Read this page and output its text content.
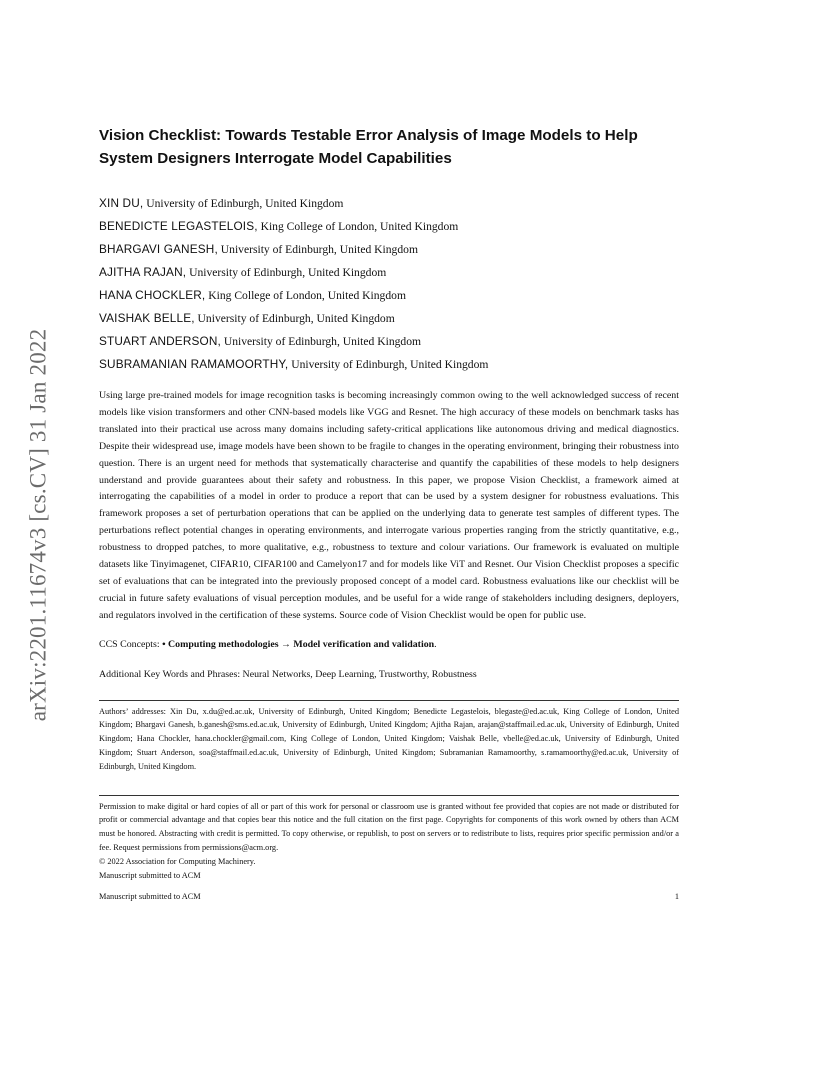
arXiv:2201.11674v3 [cs.CV] 31 Jan 2022
Vision Checklist: Towards Testable Error Analysis of Image Models to Help System Designers Interrogate Model Capabilities
XIN DU, University of Edinburgh, United Kingdom
BENEDICTE LEGASTELOIS, King College of London, United Kingdom
BHARGAVI GANESH, University of Edinburgh, United Kingdom
AJITHA RAJAN, University of Edinburgh, United Kingdom
HANA CHOCKLER, King College of London, United Kingdom
VAISHAK BELLE, University of Edinburgh, United Kingdom
STUART ANDERSON, University of Edinburgh, United Kingdom
SUBRAMANIAN RAMAMOORTHY, University of Edinburgh, United Kingdom

Using large pre-trained models for image recognition tasks is becoming increasingly common owing to the well acknowledged success of recent models like vision transformers and other CNN-based models like VGG and Resnet. The high accuracy of these models on benchmark tasks has translated into their practical use across many domains including safety-critical applications like autonomous driving and medical diagnostics. Despite their widespread use, image models have been shown to be fragile to changes in the operating environment, bringing their robustness into question. There is an urgent need for methods that systematically characterise and quantify the capabilities of these models to help designers understand and provide guarantees about their safety and robustness. In this paper, we propose Vision Checklist, a framework aimed at interrogating the capabilities of a model in order to produce a report that can be used by a system designer for robustness evaluations. This framework proposes a set of perturbation operations that can be applied on the underlying data to generate test samples of different types. The perturbations reflect potential changes in operating environments, and interrogate various properties ranging from the strictly quantitative, e.g., robustness to dropped patches, to more qualitative, e.g., robustness to texture and colour variations. Our framework is evaluated on multiple datasets like Tinyimagenet, CIFAR10, CIFAR100 and Camelyon17 and for models like ViT and Resnet. Our Vision Checklist proposes a specific set of evaluations that can be integrated into the previously proposed concept of a model card. Robustness evaluations like our checklist will be crucial in future safety evaluations of visual perception modules, and be useful for a wide range of stakeholders including designers, deployers, and regulators involved in the certification of these systems. Source code of Vision Checklist would be open for public use.

CCS Concepts: • Computing methodologies → Model verification and validation.

Additional Key Words and Phrases: Neural Networks, Deep Learning, Trustworthy, Robustness

Authors’ addresses: Xin Du, x.du@ed.ac.uk, University of Edinburgh, United Kingdom; Benedicte Legastelois, blegaste@ed.ac.uk, King College of London, United Kingdom; Bhargavi Ganesh, b.ganesh@sms.ed.ac.uk, University of Edinburgh, United Kingdom; Ajitha Rajan, arajan@staffmail.ed.ac.uk, University of Edinburgh, United Kingdom; Hana Chockler, hana.chockler@gmail.com, King College of London, United Kingdom; Vaishak Belle, vbelle@ed.ac.uk, University of Edinburgh, United Kingdom; Stuart Anderson, soa@staffmail.ed.ac.uk, University of Edinburgh, United Kingdom; Subramanian Ramamoorthy, s.ramamoorthy@ed.ac.uk, University of Edinburgh, United Kingdom.

Permission to make digital or hard copies of all or part of this work for personal or classroom use is granted without fee provided that copies are not made or distributed for profit or commercial advantage and that copies bear this notice and the full citation on the first page. Copyrights for components of this work owned by others than ACM must be honored. Abstracting with credit is permitted. To copy otherwise, or republish, to post on servers or to redistribute to lists, requires prior specific permission and/or a fee. Request permissions from permissions@acm.org.

© 2022 Association for Computing Machinery.

Manuscript submitted to ACM

Manuscript submitted to ACM	1
